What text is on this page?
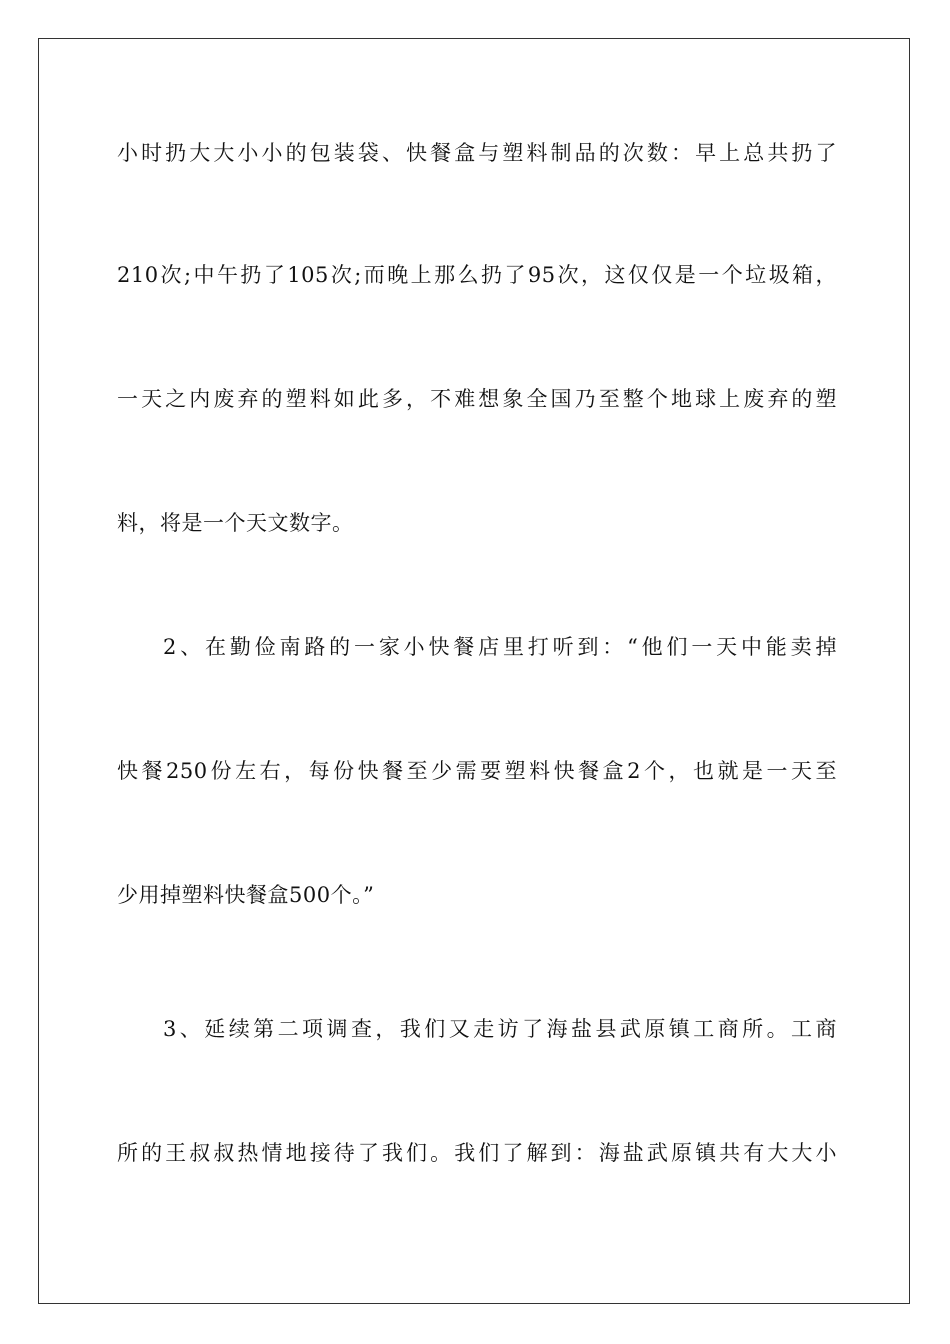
小时扔大大小小的包装袋、快餐盒与塑料制品的次数：早上总共扔了
210次;中午扔了105次;而晚上那么扔了95次，这仅仅是一个垃圾箱，
一天之内废弃的塑料如此多，不难想象全国乃至整个地球上废弃的塑
料，将是一个天文数字。
2、在勤俭南路的一家小快餐店里打听到：“他们一天中能卖掉
快餐250份左右，每份快餐至少需要塑料快餐盒2个，也就是一天至
少用掉塑料快餐盒500个。”
3、延续第二项调查，我们又走访了海盐县武原镇工商所。工商
所的王叔叔热情地接待了我们。我们了解到：海盐武原镇共有大大小
